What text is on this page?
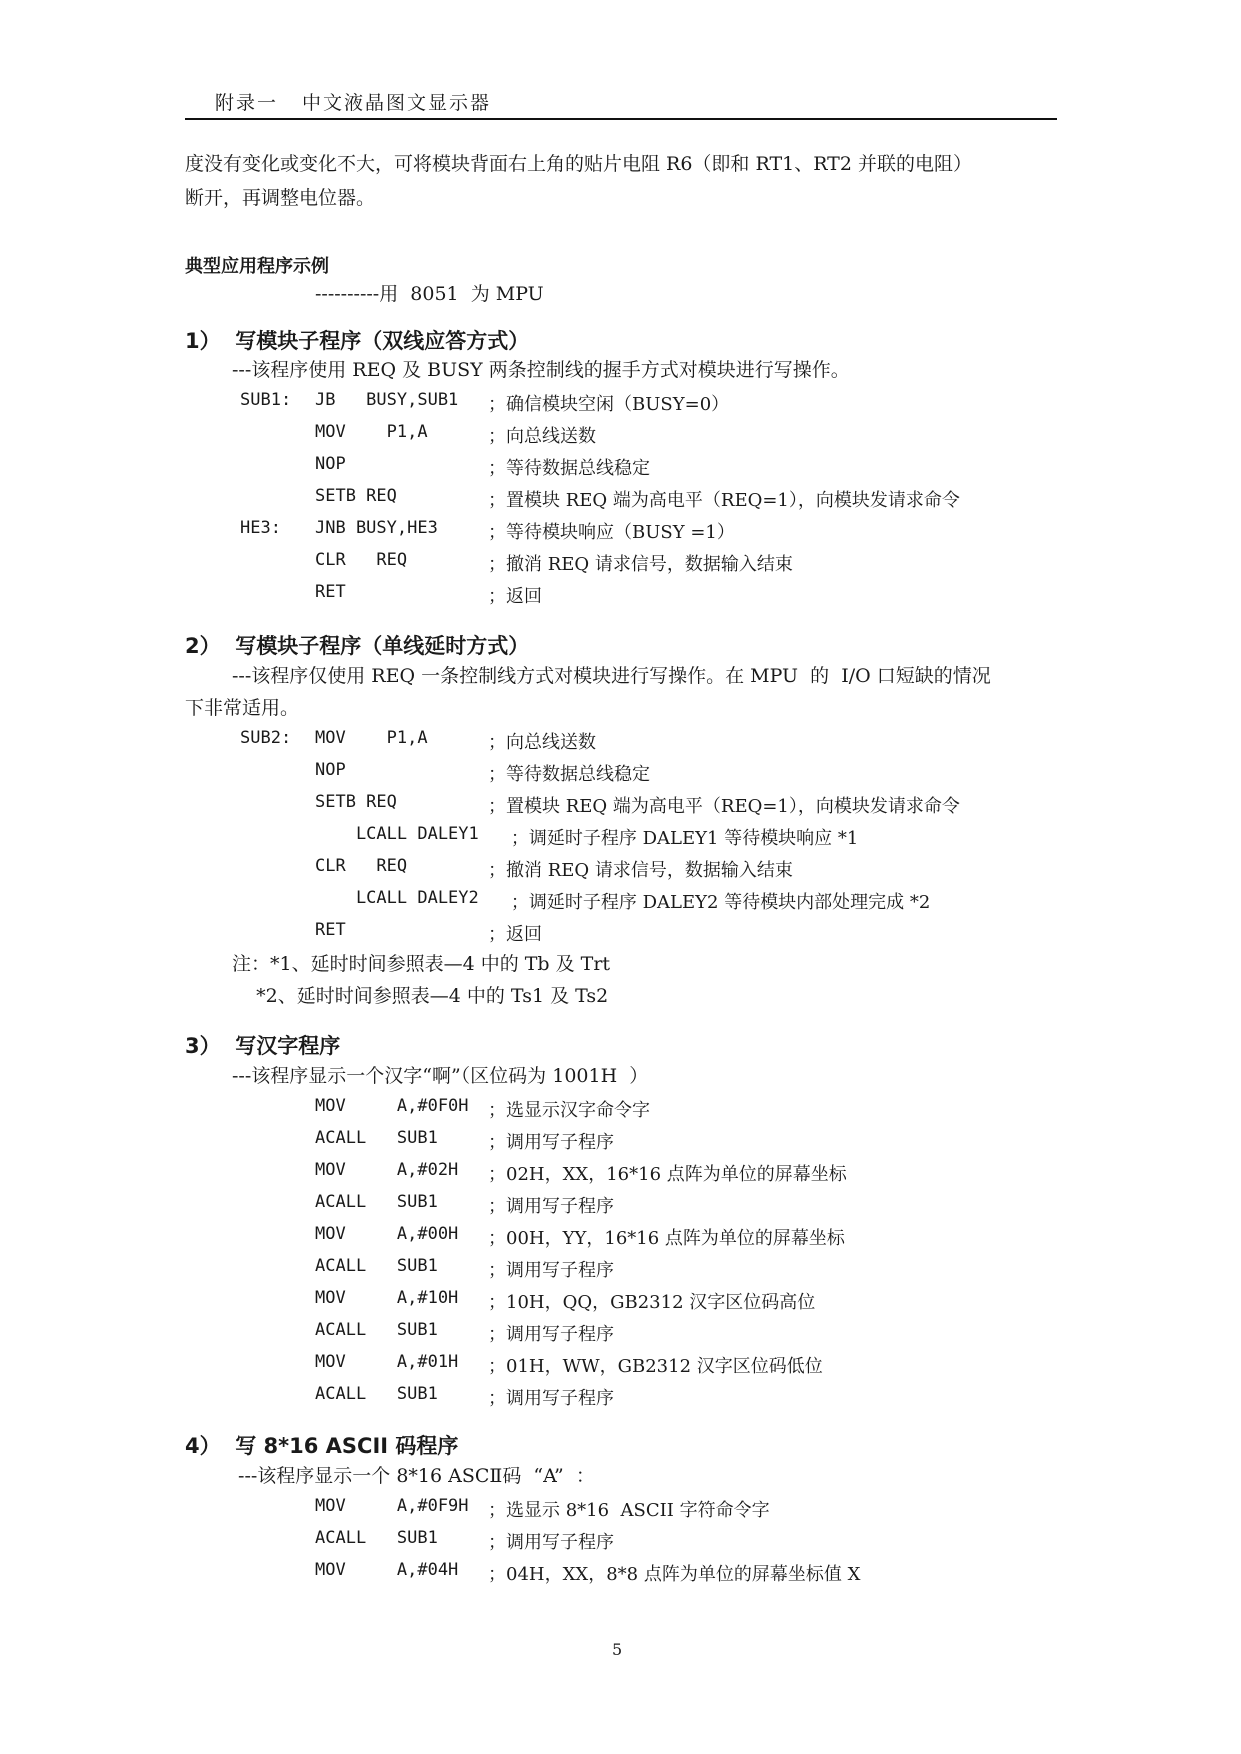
附录一 中文液晶图文显示器
度没有变化或变化不大，可将模块背面右上角的贴片电阻 R6（即和 RT1、RT2 并联的电阻）
断开，再调整电位器。
典型应用程序示例
----------用  8051  为 MPU
1）  写模块子程序（双线应答方式）
---该程序使用 REQ 及 BUSY 两条控制线的握手方式对模块进行写操作。
SUB1: JB   BUSY,SUB1 ；确信模块空闲（BUSY=0）
MOV    P1,A	；向总线送数
NOP	；等待数据总线稳定
SETB REQ	；置模块 REQ 端为高电平（REQ=1），向模块发请求命令
HE3: JNB BUSY,HE3	；等待模块响应（BUSY =1）
CLR   REQ	；撤消 REQ 请求信号，数据输入结束
RET	；返回
2）  写模块子程序（单线延时方式）
---该程序仅使用 REQ 一条控制线方式对模块进行写操作。在 MPU  的  I/O 口短缺的情况
下非常适用。
SUB2: MOV    P1,A	；向总线送数
NOP	；等待数据总线稳定
SETB REQ	；置模块 REQ 端为高电平（REQ=1），向模块发请求命令
LCALL DALEY1 ；调延时子程序 DALEY1 等待模块响应 *1
CLR   REQ	；撤消 REQ 请求信号，数据输入结束
LCALL DALEY2 ；调延时子程序 DALEY2 等待模块内部处理完成 *2
RET	；返回
注：*1、延时时间参照表—4 中的 Tb 及 Trt
*2、延时时间参照表—4 中的 Ts1 及 Ts2
3）  写汉字程序
---该程序显示一个汉字“啊”（区位码为 1001H  ）
MOV     A,#0F0H ；选显示汉字命令字
ACALL   SUB1	；调用写子程序
MOV     A,#02H ；02H，XX，16*16 点阵为单位的屏幕坐标
ACALL   SUB1	；调用写子程序
MOV     A,#00H ；00H，YY，16*16 点阵为单位的屏幕坐标
ACALL   SUB1	；调用写子程序
MOV     A,#10H ；10H，QQ，GB2312 汉字区位码高位
ACALL   SUB1	；调用写子程序
MOV     A,#01H ；01H，WW，GB2312 汉字区位码低位
ACALL   SUB1	；调用写子程序
4）  写 8*16 ASCII 码程序
---该程序显示一个 8*16 ASCⅡ码  “A”  ：
MOV     A,#0F9H ；选显示 8*16  ASCII 字符命令字
ACALL   SUB1	；调用写子程序
MOV     A,#04H ；04H，XX，8*8 点阵为单位的屏幕坐标值 X
5
